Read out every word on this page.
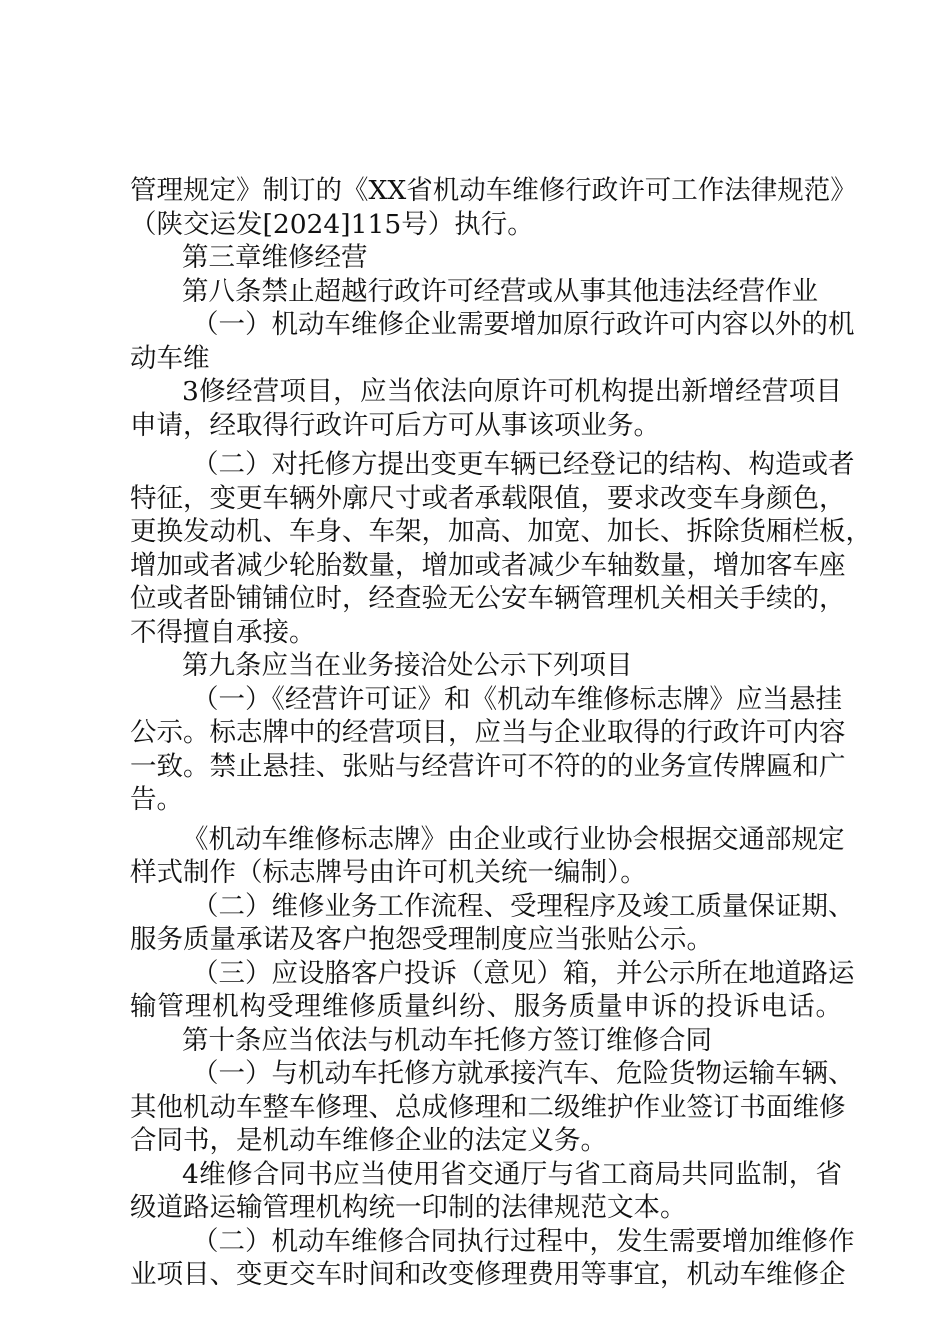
管理规定》制订的《XX省机动车维修行政许可工作法律规范》
（陕交运发[2024]115号）执行。
第三章维修经营
第八条禁止超越行政许可经营或从事其他违法经营作业
（一）机动车维修企业需要增加原行政许可内容以外的机
动车维
3修经营项目，应当依法向原许可机构提出新增经营项目
申请，经取得行政许可后方可从事该项业务。
（二）对托修方提出变更车辆已经登记的结构、构造或者
特征，变更车辆外廓尺寸或者承载限值，要求改变车身颜色，
更换发动机、车身、车架，加高、加宽、加长、拆除货厢栏板，
增加或者减少轮胎数量，增加或者减少车轴数量，增加客车座
位或者卧铺铺位时，经查验无公安车辆管理机关相关手续的，
不得擅自承接。
第九条应当在业务接洽处公示下列项目
（一）《经营许可证》和《机动车维修标志牌》应当悬挂
公示。标志牌中的经营项目，应当与企业取得的行政许可内容
一致。禁止悬挂、张贴与经营许可不符的的业务宣传牌匾和广
告。
《机动车维修标志牌》由企业或行业协会根据交通部规定
样式制作（标志牌号由许可机关统一编制）。
（二）维修业务工作流程、受理程序及竣工质量保证期、
服务质量承诺及客户抱怨受理制度应当张贴公示。
（三）应设胳客户投诉（意见）箱，并公示所在地道路运
输管理机构受理维修质量纠纷、服务质量申诉的投诉电话。
第十条应当依法与机动车托修方签订维修合同
（一）与机动车托修方就承接汽车、危险货物运输车辆、
其他机动车整车修理、总成修理和二级维护作业签订书面维修
合同书，是机动车维修企业的法定义务。
4维修合同书应当使用省交通厅与省工商局共同监制，省
级道路运输管理机构统一印制的法律规范文本。
（二）机动车维修合同执行过程中，发生需要增加维修作
业项目、变更交车时间和改变修理费用等事宜，机动车维修企
